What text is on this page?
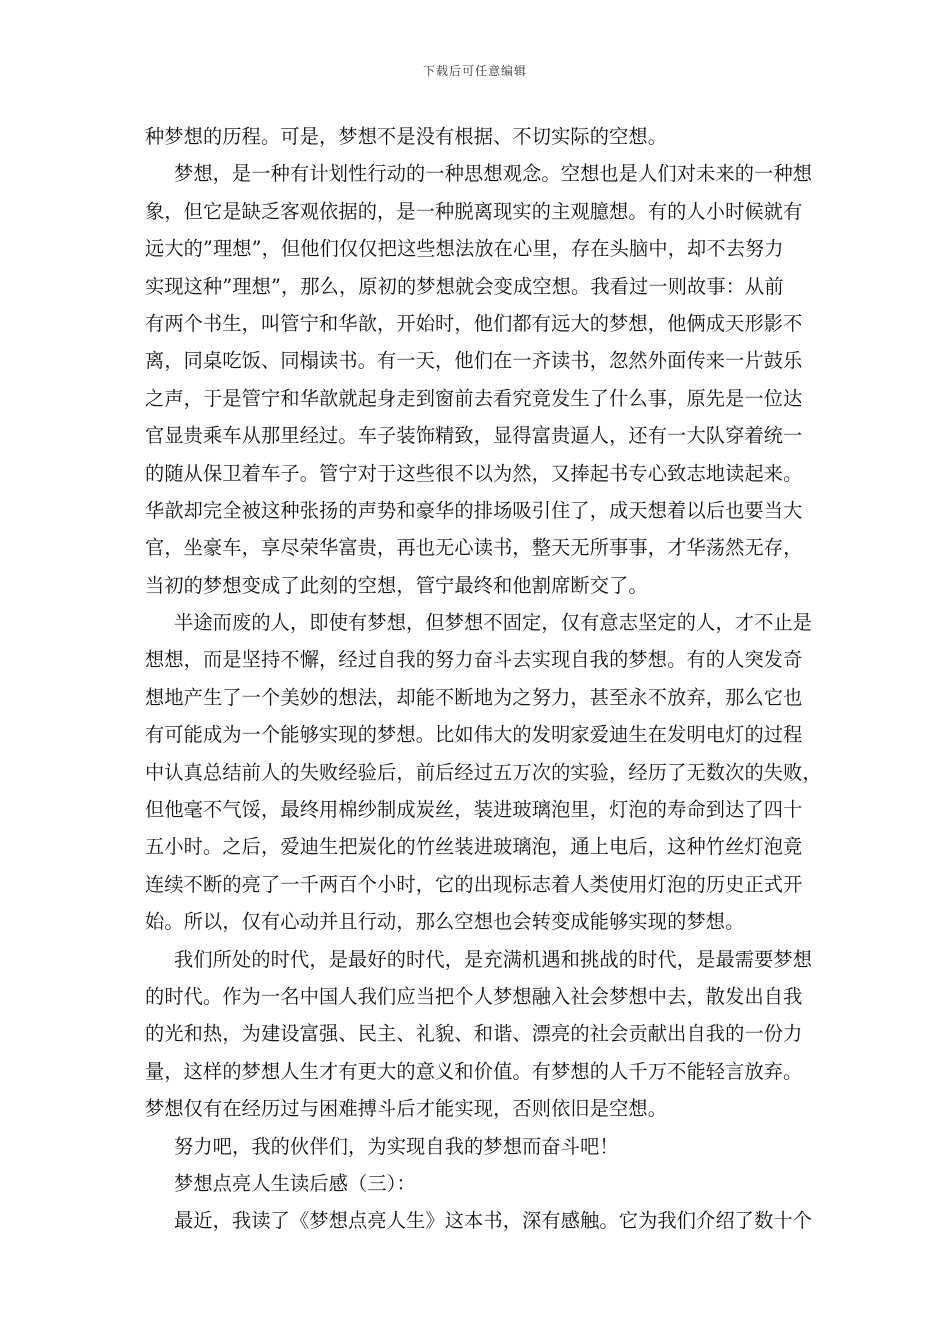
下载后可任意编辑
种梦想的历程。可是，梦想不是没有根据、不切实际的空想。
梦想，是一种有计划性行动的一种思想观念。空想也是人们对未来的一种想
象，但它是缺乏客观依据的，是一种脱离现实的主观臆想。有的人小时候就有
远大的”理想”，但他们仅仅把这些想法放在心里，存在头脑中，却不去努力
实现这种”理想”，那么，原初的梦想就会变成空想。我看过一则故事：从前
有两个书生，叫管宁和华歆，开始时，他们都有远大的梦想，他俩成天形影不
离，同桌吃饭、同榻读书。有一天，他们在一齐读书，忽然外面传来一片鼓乐
之声，于是管宁和华歆就起身走到窗前去看究竟发生了什么事，原先是一位达
官显贵乘车从那里经过。车子装饰精致，显得富贵逼人，还有一大队穿着统一
的随从保卫着车子。管宁对于这些很不以为然，又捧起书专心致志地读起来。
华歆却完全被这种张扬的声势和豪华的排场吸引住了，成天想着以后也要当大
官，坐豪车，享尽荣华富贵，再也无心读书，整天无所事事，才华荡然无存，
当初的梦想变成了此刻的空想，管宁最终和他割席断交了。
半途而废的人，即使有梦想，但梦想不固定，仅有意志坚定的人，才不止是
想想，而是坚持不懈，经过自我的努力奋斗去实现自我的梦想。有的人突发奇
想地产生了一个美妙的想法，却能不断地为之努力，甚至永不放弃，那么它也
有可能成为一个能够实现的梦想。比如伟大的发明家爱迪生在发明电灯的过程
中认真总结前人的失败经验后，前后经过五万次的实验，经历了无数次的失败，
但他毫不气馁，最终用棉纱制成炭丝，装进玻璃泡里，灯泡的寿命到达了四十
五小时。之后，爱迪生把炭化的竹丝装进玻璃泡，通上电后，这种竹丝灯泡竟
连续不断的亮了一千两百个小时，它的出现标志着人类使用灯泡的历史正式开
始。所以，仅有心动并且行动，那么空想也会转变成能够实现的梦想。
我们所处的时代，是最好的时代，是充满机遇和挑战的时代，是最需要梦想
的时代。作为一名中国人我们应当把个人梦想融入社会梦想中去，散发出自我
的光和热，为建设富强、民主、礼貌、和谐、漂亮的社会贡献出自我的一份力
量，这样的梦想人生才有更大的意义和价值。有梦想的人千万不能轻言放弃。
梦想仅有在经历过与困难搏斗后才能实现，否则依旧是空想。
努力吧，我的伙伴们，为实现自我的梦想而奋斗吧！
梦想点亮人生读后感（三）：
最近，我读了《梦想点亮人生》这本书，深有感触。它为我们介绍了数十个
